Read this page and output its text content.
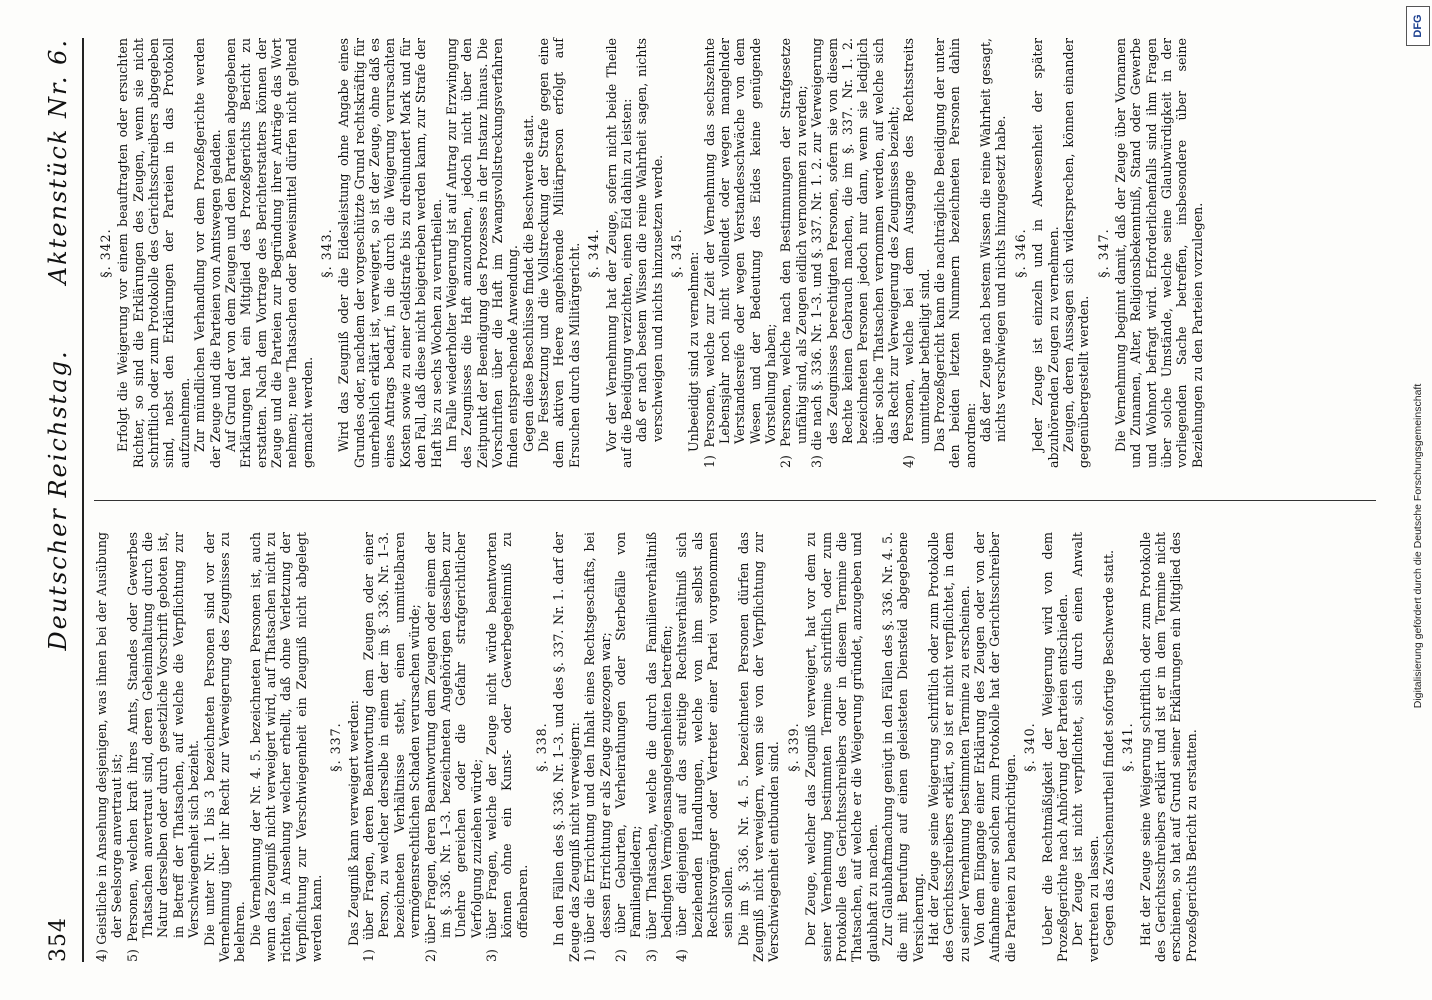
354
Deutscher Reichstag.
Aktenstück Nr. 6.

4) Geistliche in Ansehung desjenigen, was ihnen bei der Ausübung der Seelsorge anvertraut ist; 5) Personen, welchen kraft ihres Amts, Standes oder Gewerbes Thatsachen anvertraut sind, deren Geheimhaltung durch die Natur derselben oder durch gesetzliche Vorschrift geboten ist, in Betreff der Thatsachen, auf welche die Verpflichtung zur Verschwiegenheit sich bezieht. Die unter Nr. 1 bis 3 bezeichneten Personen sind vor der Vernehmung über ihr Recht zur Verweigerung des Zeugnisses zu belehren. Die Vernehmung der Nr. 4. 5. bezeichneten Personen ist, auch wenn das Zeugniß nicht verweigert wird, auf Thatsachen nicht zu richten, in Ansehung welcher erhellt, daß ohne Verletzung der Verpflichtung zur Verschwiegenheit ein Zeugniß nicht abgelegt werden kann.

§. 337. Das Zeugniß kann verweigert werden: 1) über Fragen, deren Beantwortung dem Zeugen oder einer Person, zu welcher derselbe in einem der im §. 336. Nr. 1–3. bezeichneten Verhältnisse steht, einen unmittelbaren vermögensrechtlichen Schaden verursachen würde; 2) über Fragen, deren Beantwortung dem Zeugen oder einem der im §. 336. Nr. 1–3. bezeichneten Angehörigen desselben zur Unehre gereichen oder die Gefahr strafgerichtlicher Verfolgung zuziehen würde; 3) über Fragen, welche der Zeuge nicht würde beantworten können ohne ein Kunst- oder Gewerbegeheimniß zu offenbaren.

§. 338. In den Fällen des §. 336. Nr. 1–3. und des §. 337. Nr. 1. darf der Zeuge das Zeugniß nicht verweigern: 1) über die Errichtung und den Inhalt eines Rechtsgeschäfts, bei dessen Errichtung er als Zeuge zugezogen war; 2) über Geburten, Verheirathungen oder Sterbefälle von Familiengliedern; 3) über Thatsachen, welche die durch das Familienverhältniß bedingten Vermögensangelegenheiten betreffen; 4) über diejenigen auf das streitige Rechtsverhältniß sich beziehenden Handlungen, welche von ihm selbst als Rechtsvorgänger oder Vertreter einer Partei vorgenommen sein sollen. Die im §. 336. Nr. 4. 5. bezeichneten Personen dürfen das Zeugniß nicht verweigern, wenn sie von der Verpflichtung zur Verschwiegenheit entbunden sind. §. 339. Der Zeuge, welcher das Zeugniß verweigert, hat vor dem zu seiner Vernehmung bestimmten Termine schriftlich oder zum Protokolle des Gerichtsschreibers oder in diesem Termine die Thatsachen, auf welche er die Weigerung gründet, anzugeben und glaubhaft zu machen. Zur Glaubhaftmachung genügt in den Fällen des §. 336. Nr. 4. 5. die mit Berufung auf einen geleisteten Diensteid abgegebene Versicherung. Hat der Zeuge seine Weigerung schriftlich oder zum Protokolle des Gerichtsschreibers erklärt, so ist er nicht verpflichtet, in dem zu seiner Vernehmung bestimmten Termine zu erscheinen. Von dem Eingange einer Erklärung des Zeugen oder von der Aufnahme einer solchen zum Protokolle hat der Gerichtsschreiber die Parteien zu benachrichtigen.

§. 340. Ueber die Rechtmäßigkeit der Weigerung wird von dem Prozeßgerichte nach Anhörung der Parteien entschieden. Der Zeuge ist nicht verpflichtet, sich durch einen Anwalt vertreten zu lassen. Gegen das Zwischenurtheil findet sofortige Beschwerde statt. §. 341. Hat der Zeuge seine Weigerung schriftlich oder zum Protokolle des Gerichtsschreibers erklärt und ist er in dem Termine nicht erschienen, so hat auf Grund seiner Erklärungen ein Mitglied des Prozeßgerichts Bericht zu erstatten.

§. 342. Erfolgt die Weigerung vor einem beauftragten oder ersuchten Richter, so sind die Erklärungen des Zeugen, wenn sie nicht schriftlich oder zum Protokolle des Gerichtsschreibers abgegeben sind, nebst den Erklärungen der Parteien in das Protokoll aufzunehmen. Zur mündlichen Verhandlung vor dem Prozeßgerichte werden der Zeuge und die Parteien von Amtswegen geladen. Auf Grund der von dem Zeugen und den Parteien abgegebenen Erklärungen hat ein Mitglied des Prozeßgerichts Bericht zu erstatten. Nach dem Vortrage des Berichterstatters können der Zeuge und die Parteien zur Begründung ihrer Anträge das Wort nehmen; neue Thatsachen oder Beweismittel dürfen nicht geltend gemacht werden.

§. 343. Wird das Zeugniß oder die Eidesleistung ohne Angabe eines Grundes oder, nachdem der vorgeschützte Grund rechtskräftig für unerheblich erklärt ist, verweigert, so ist der Zeuge, ohne daß es eines Antrags bedarf, in die durch die Weigerung verursachten Kosten sowie zu einer Geldstrafe bis zu dreihundert Mark und für den Fall, daß diese nicht beigetrieben werden kann, zur Strafe der Haft bis zu sechs Wochen zu verurtheilen. Im Falle wiederholter Weigerung ist auf Antrag zur Erzwingung des Zeugnisses die Haft anzuordnen, jedoch nicht über den Zeitpunkt der Beendigung des Prozesses in der Instanz hinaus. Die Vorschriften über die Haft im Zwangsvollstreckungsverfahren finden entsprechende Anwendung. Gegen diese Beschlüsse findet die Beschwerde statt. Die Festsetzung und die Vollstreckung der Strafe gegen eine dem aktiven Heere angehörende Militärperson erfolgt auf Ersuchen durch das Militärgericht. §. 344. Vor der Vernehmung hat der Zeuge, sofern nicht beide Theile auf die Beeidigung verzichten, einen Eid dahin zu leisten: daß er nach bestem Wissen die reine Wahrheit sagen, nichts verschweigen und nichts hinzusetzen werde. §. 345. Unbeeidigt sind zu vernehmen: 1) Personen, welche zur Zeit der Vernehmung das sechszehnte Lebensjahr noch nicht vollendet oder wegen mangelnder Verstandesreife oder wegen Verstandesschwäche von dem Wesen und der Bedeutung des Eides keine genügende Vorstellung haben; 2) Personen, welche nach den Bestimmungen der Strafgesetze unfähig sind, als Zeugen eidlich vernommen zu werden; 3) die nach §. 336. Nr. 1–3. und §. 337. Nr. 1. 2. zur Verweigerung des Zeugnisses berechtigten Personen, sofern sie von diesem Rechte keinen Gebrauch machen, die im §. 337. Nr. 1. 2. bezeichneten Personen jedoch nur dann, wenn sie lediglich über solche Thatsachen vernommen werden, auf welche sich das Recht zur Verweigerung des Zeugnisses bezieht; 4) Personen, welche bei dem Ausgange des Rechtsstreits unmittelbar betheiligt sind. Das Prozeßgericht kann die nachträgliche Beeidigung der unter den beiden letzten Nummern bezeichneten Personen dahin anordnen: daß der Zeuge nach bestem Wissen die reine Wahrheit gesagt, nichts verschwiegen und nichts hinzugesetzt habe. §. 346. Jeder Zeuge ist einzeln und in Abwesenheit der später abzuhörenden Zeugen zu vernehmen. Zeugen, deren Aussagen sich widersprechen, können einander gegenübergestellt werden.

§. 347. Die Vernehmung beginnt damit, daß der Zeuge über Vornamen und Zunamen, Alter, Religionsbekenntniß, Stand oder Gewerbe und Wohnort befragt wird. Erforderlichenfalls sind ihm Fragen über solche Umstände, welche seine Glaubwürdigkeit in der vorliegenden Sache betreffen, insbesondere über seine Beziehungen zu den Parteien vorzulegen.

Digitalisierung gefördert durch die Deutsche Forschungsgemeinschaft
DFG
